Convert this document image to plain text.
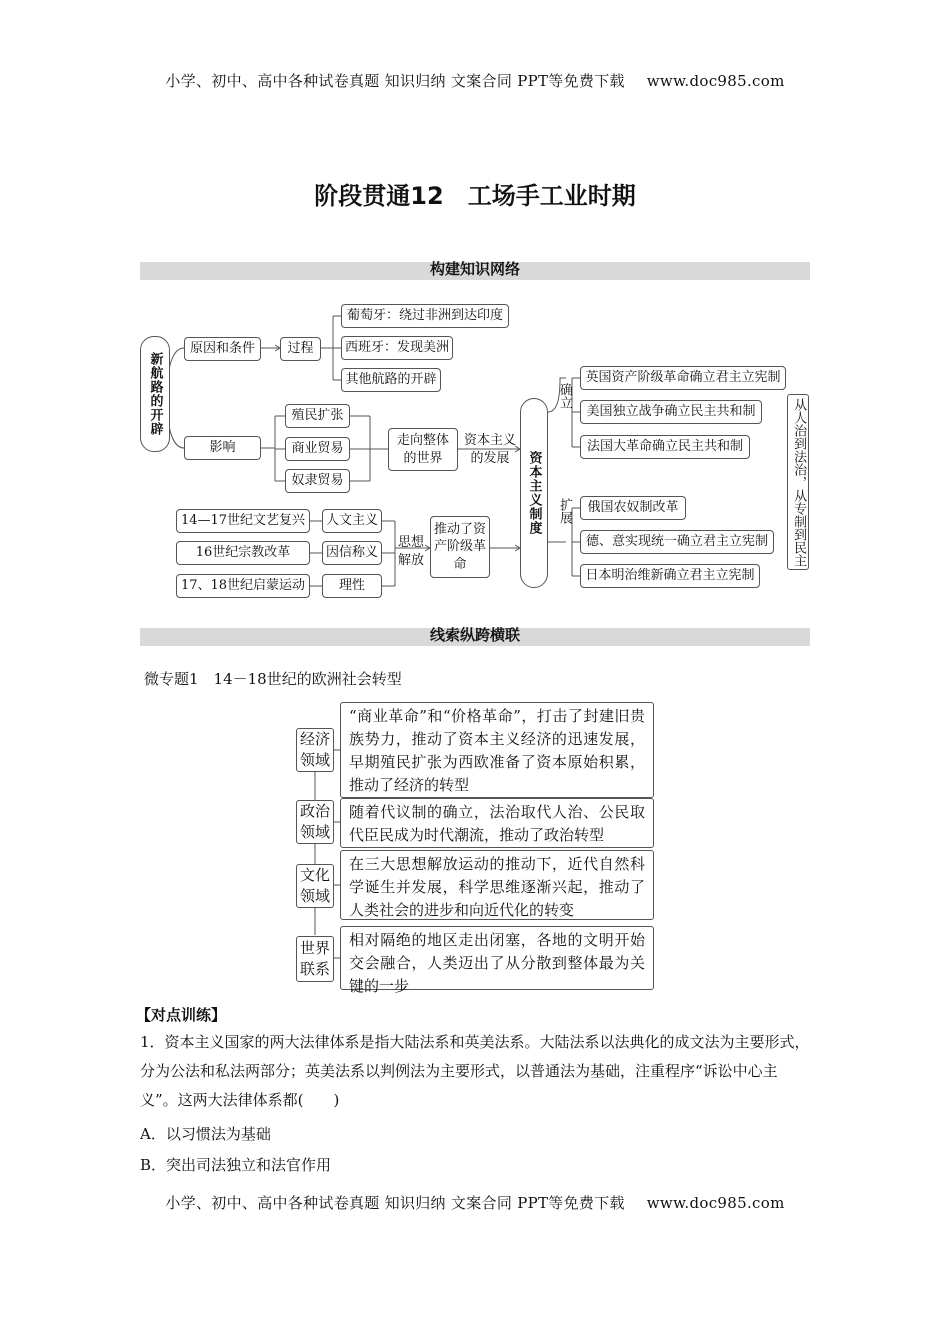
小学、初中、高中各种试卷真题 知识归纳 文案合同 PPT等免费下载 www.doc985.com
阶段贯通12　工场手工业时期
构建知识网络
新航路的开辟
原因和条件	过程
葡萄牙：绕过非洲到达印度
西班牙：发现美洲
其他航路的开辟
影响
殖民扩张
商业贸易
奴隶贸易
走向整体的世界
资本主义的发展	资本主义制度
确立
扩展
英国资产阶级革命确立君主立宪制
美国独立战争确立民主共和制
法国大革命确立民主共和制
俄国农奴制改革
德、意实现统一确立君主立宪制
日本明治维新确立君主立宪制
从人治到法治，从专制到民主
14—17世纪文艺复兴
16世纪宗教改革
17、18世纪启蒙运动
人文主义
因信称义
理性
思想解放
推动了资产阶级革命
线索纵跨横联
微专题1　14－18世纪的欧洲社会转型
经济领域
“商业革命”和“价格革命”，打击了封建旧贵族势力，推动了资本主义经济的迅速发展，早期殖民扩张为西欧准备了资本原始积累，推动了经济的转型
政治领域
随着代议制的确立，法治取代人治、公民取代臣民成为时代潮流，推动了政治转型
文化领域
在三大思想解放运动的推动下，近代自然科学诞生并发展，科学思维逐渐兴起，推动了人类社会的进步和向近代化的转变
世界联系
相对隔绝的地区走出闭塞，各地的文明开始交会融合，人类迈出了从分散到整体最为关键的一步
【对点训练】
1．资本主义国家的两大法律体系是指大陆法系和英美法系。大陆法系以法典化的成文法为主要形式，分为公法和私法两部分；英美法系以判例法为主要形式，以普通法为基础，注重程序“诉讼中心主义”。这两大法律体系都(　　)
A．以习惯法为基础
B．突出司法独立和法官作用
小学、初中、高中各种试卷真题 知识归纳 文案合同 PPT等免费下载 www.doc985.com
